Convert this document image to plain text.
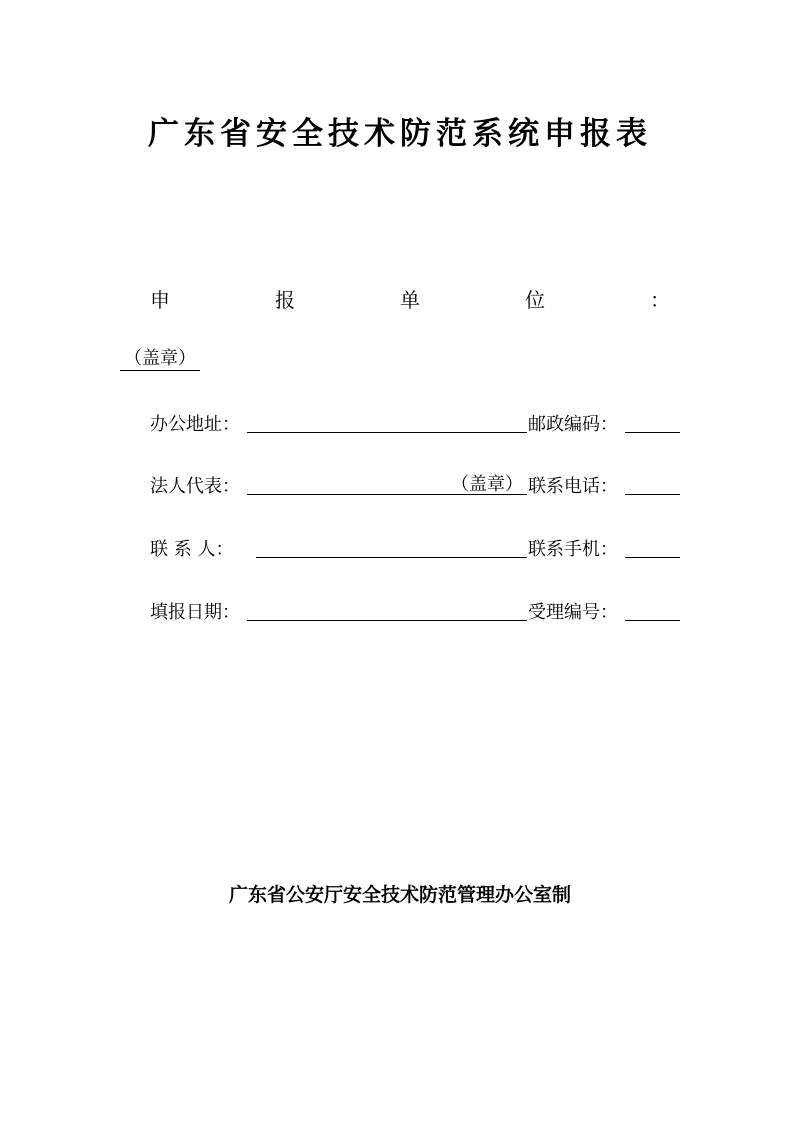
广东省安全技术防范系统申报表
申	报	单	位	：
（盖章）
办公地址：	邮政编码：
法人代表：	（盖章） 联系电话：
联 系 人：	联系手机：
填报日期：	受理编号：
广东省公安厅安全技术防范管理办公室制
